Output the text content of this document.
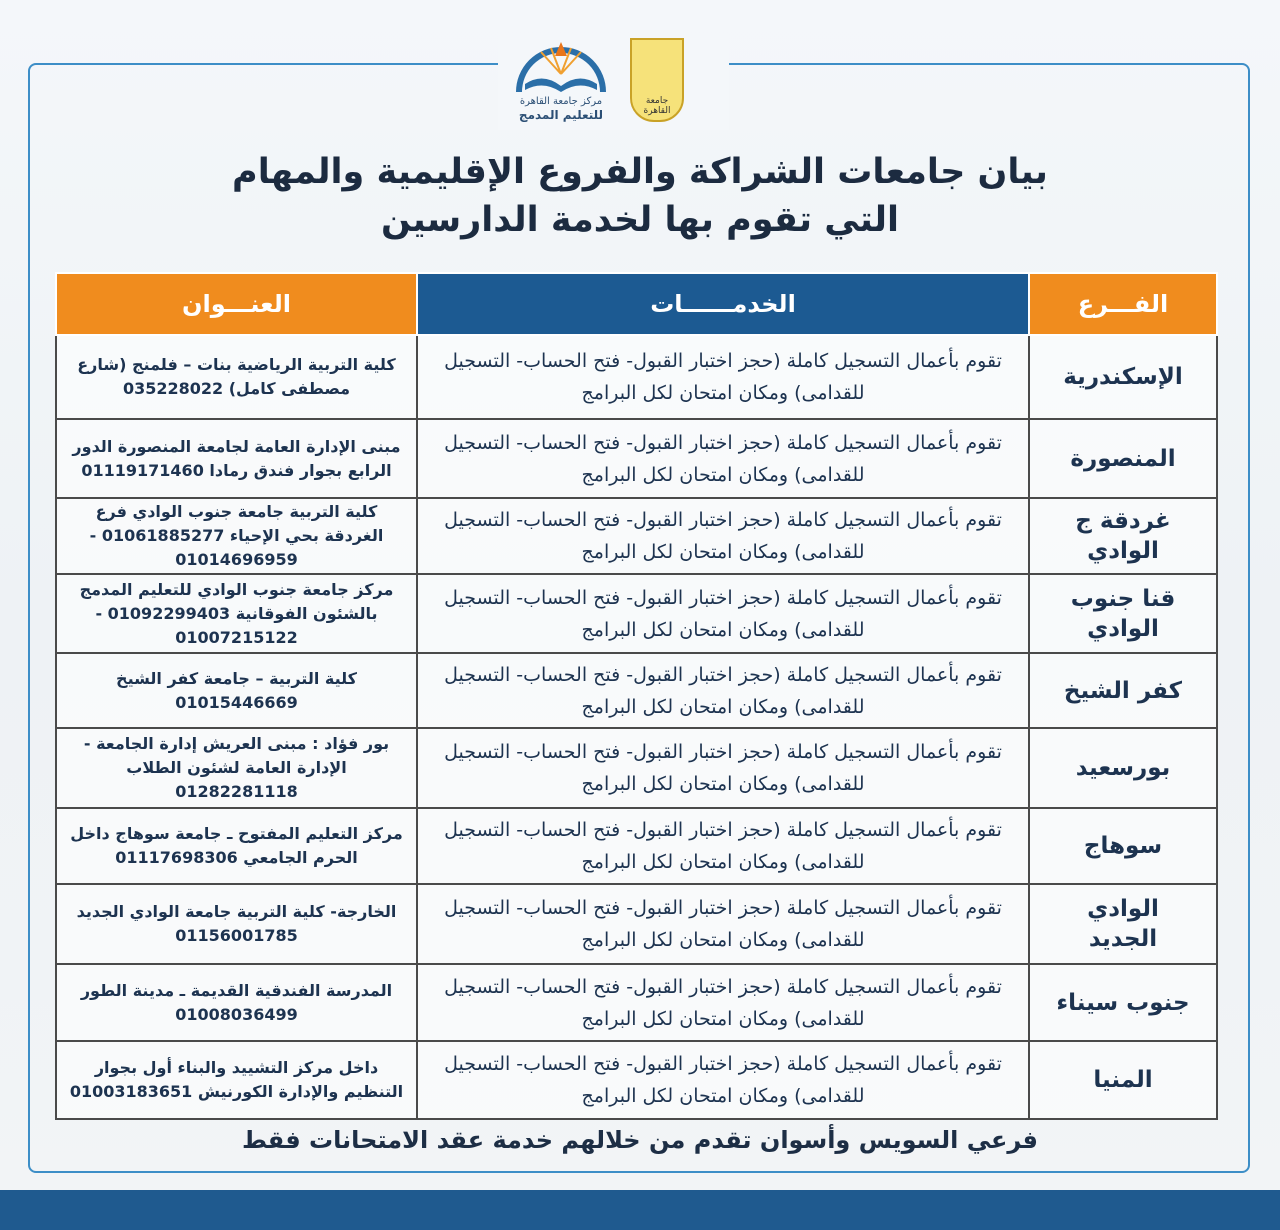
مركز جامعة القاهرة
للتعليم المدمج
جامعة القاهرة
بيان جامعات الشراكة والفروع الإقليمية والمهام
التي تقوم بها لخدمة الدارسين
الفـــرع	الخدمــــــات	العنـــوان
الإسكندرية	تقوم بأعمال التسجيل كاملة (حجز اختبار القبول- فتح الحساب- التسجيل للقدامى) ومكان امتحان لكل البرامج	كلية التربية الرياضية بنات – فلمنج (شارع مصطفى كامل) 035228022
المنصورة	تقوم بأعمال التسجيل كاملة (حجز اختبار القبول- فتح الحساب- التسجيل للقدامى) ومكان امتحان لكل البرامج	مبنى الإدارة العامة لجامعة المنصورة الدور الرابع بجوار فندق رمادا 01119171460
غردقة ج الوادي	تقوم بأعمال التسجيل كاملة (حجز اختبار القبول- فتح الحساب- التسجيل للقدامى) ومكان امتحان لكل البرامج	كلية التربية جامعة جنوب الوادي فرع الغردقة بحي الإحياء 01061885277 - 01014696959
قنا جنوب الوادي	تقوم بأعمال التسجيل كاملة (حجز اختبار القبول- فتح الحساب- التسجيل للقدامى) ومكان امتحان لكل البرامج	مركز جامعة جنوب الوادي للتعليم المدمج بالشئون الفوقانية 01092299403 - 01007215122
كفر الشيخ	تقوم بأعمال التسجيل كاملة (حجز اختبار القبول- فتح الحساب- التسجيل للقدامى) ومكان امتحان لكل البرامج	كلية التربية – جامعة كفر الشيخ 01015446669
بورسعيد	تقوم بأعمال التسجيل كاملة (حجز اختبار القبول- فتح الحساب- التسجيل للقدامى) ومكان امتحان لكل البرامج	بور فؤاد : مبنى العريش إدارة الجامعة - الإدارة العامة لشئون الطلاب 01282281118
سوهاج	تقوم بأعمال التسجيل كاملة (حجز اختبار القبول- فتح الحساب- التسجيل للقدامى) ومكان امتحان لكل البرامج	مركز التعليم المفتوح ـ جامعة سوهاج داخل الحرم الجامعي 01117698306
الوادي الجديد	تقوم بأعمال التسجيل كاملة (حجز اختبار القبول- فتح الحساب- التسجيل للقدامى) ومكان امتحان لكل البرامج	الخارجة- كلية التربية جامعة الوادي الجديد 01156001785
جنوب سيناء	تقوم بأعمال التسجيل كاملة (حجز اختبار القبول- فتح الحساب- التسجيل للقدامى) ومكان امتحان لكل البرامج	المدرسة الفندقية القديمة ـ مدينة الطور 01008036499
المنيا	تقوم بأعمال التسجيل كاملة (حجز اختبار القبول- فتح الحساب- التسجيل للقدامى) ومكان امتحان لكل البرامج	داخل مركز التشييد والبناء أول بجوار التنظيم والإدارة الكورنيش 01003183651
فرعي السويس وأسوان تقدم من خلالهم خدمة عقد الامتحانات فقط
